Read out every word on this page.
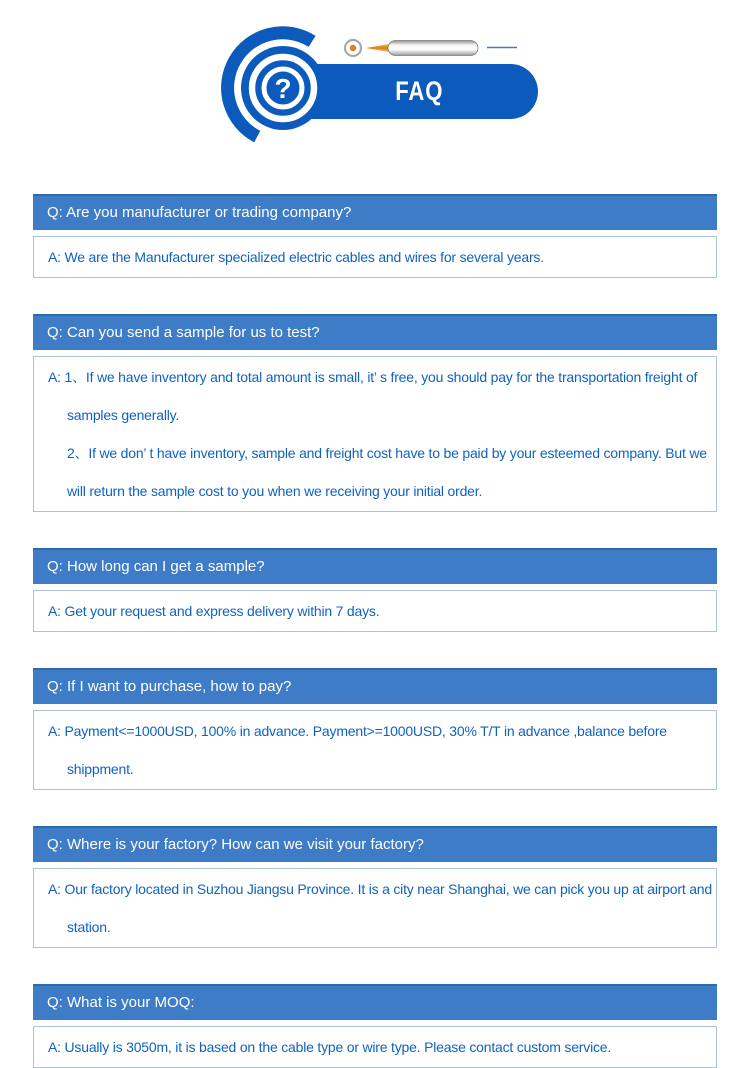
?	FAQ
Q: Are you manufacturer or trading company?

A: We are the Manufacturer specialized electric cables and wires for several years.

Q: Can you send a sample for us to test?

A: 1、If we have inventory and total amount is small, it’ s free, you should pay for the transportation freight of samples generally.

2、If we don’ t have inventory, sample and freight cost have to be paid by your esteemed company. But we will return the sample cost to you when we receiving your initial order.

Q: How long can I get a sample?

A: Get your request and express delivery within 7 days.

Q: If I want to purchase, how to pay?

A: Payment<=1000USD, 100% in advance. Payment>=1000USD, 30% T/T in advance ,balance before shippment.

Q: Where is your factory? How can we visit your factory?

A: Our factory located in Suzhou Jiangsu Province. It is a city near Shanghai, we can pick you up at airport and station.

Q: What is your MOQ:

A: Usually is 3050m, it is based on the cable type or wire type. Please contact custom service.
